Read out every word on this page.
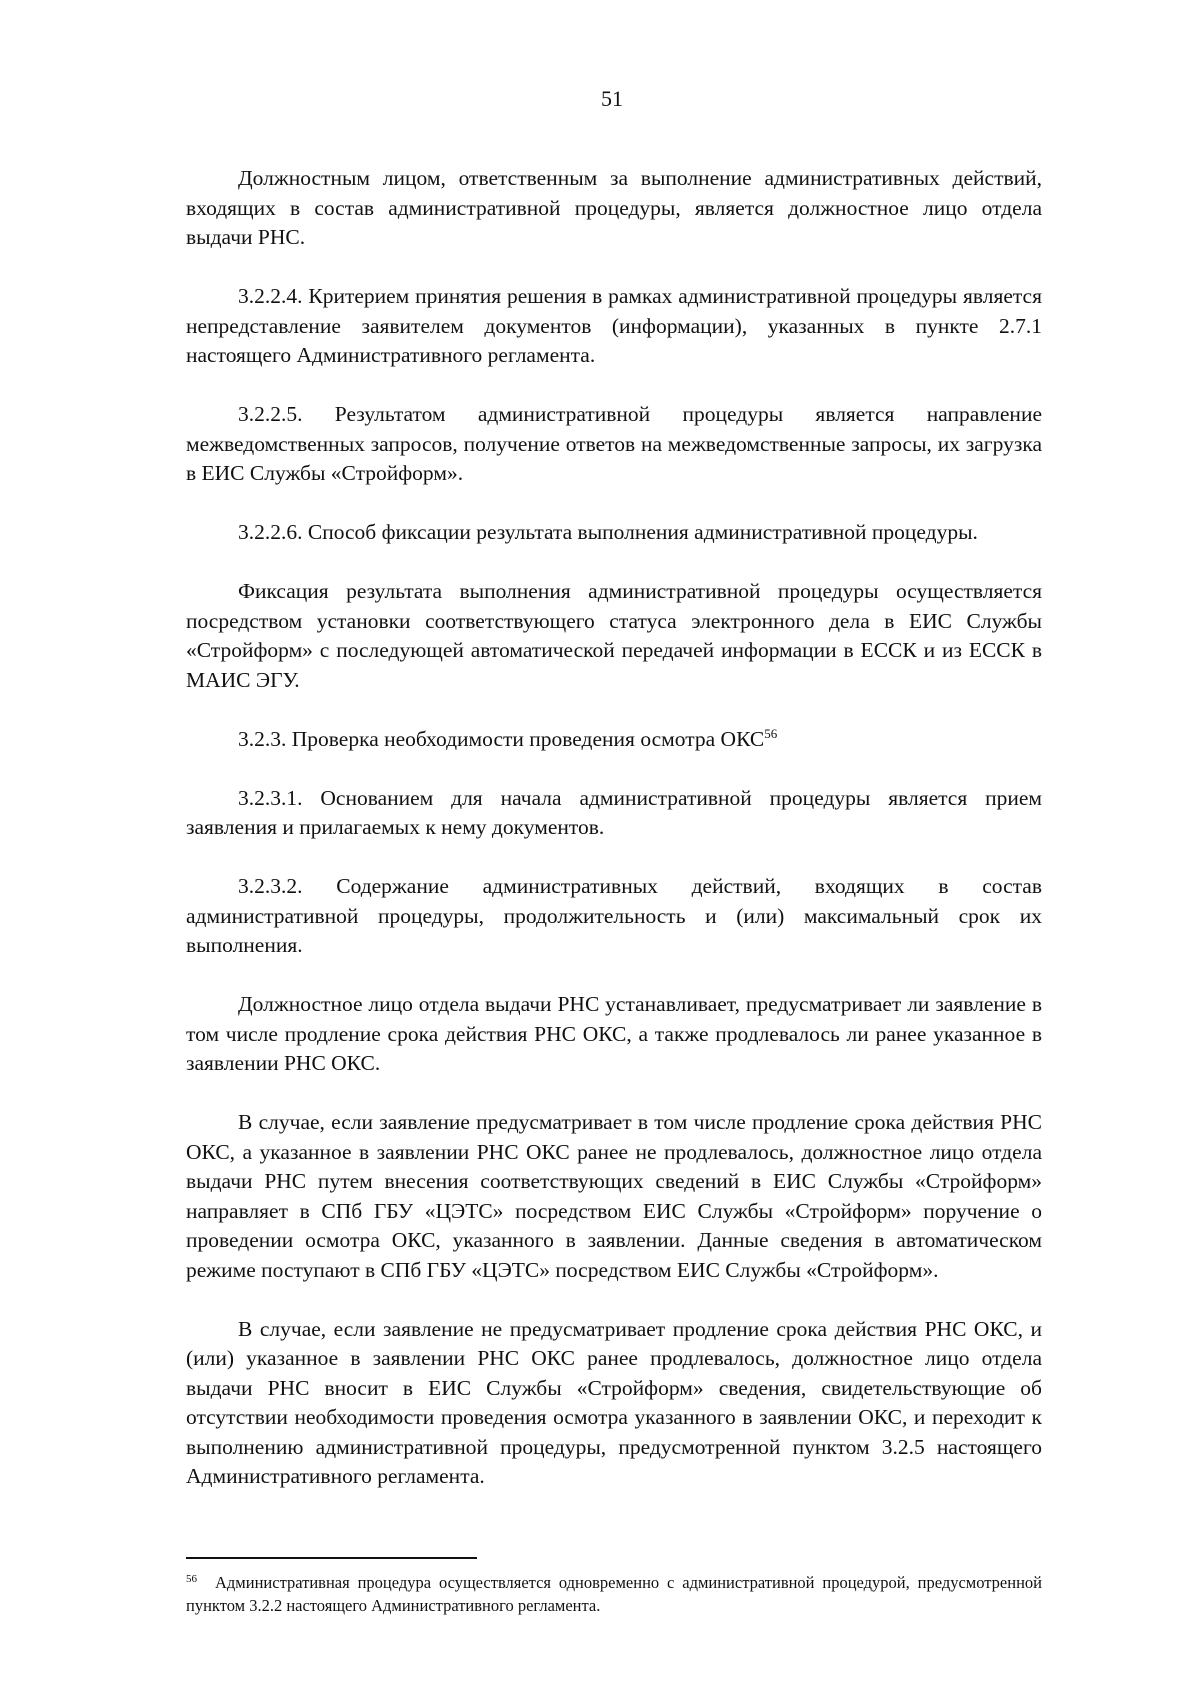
51

Должностным лицом, ответственным за выполнение административных действий, входящих в состав административной процедуры, является должностное лицо отдела выдачи РНС.

3.2.2.4. Критерием принятия решения в рамках административной процедуры является непредставление заявителем документов (информации), указанных в пункте 2.7.1 настоящего Административного регламента.

3.2.2.5. Результатом административной процедуры является направление межведомственных запросов, получение ответов на межведомственные запросы, их загрузка в ЕИС Службы «Стройформ».

3.2.2.6. Способ фиксации результата выполнения административной процедуры.

Фиксация результата выполнения административной процедуры осуществляется посредством установки соответствующего статуса электронного дела в ЕИС Службы «Стройформ» с последующей автоматической передачей информации в ЕССК и из ЕССК в МАИС ЭГУ.

3.2.3. Проверка необходимости проведения осмотра ОКС$^{56}$

3.2.3.1. Основанием для начала административной процедуры является прием заявления и прилагаемых к нему документов.

3.2.3.2. Содержание административных действий, входящих в состав административной процедуры, продолжительность и (или) максимальный срок их выполнения.

Должностное лицо отдела выдачи РНС устанавливает, предусматривает ли заявление в том числе продление срока действия РНС ОКС, а также продлевалось ли ранее указанное в заявлении РНС ОКС.

В случае, если заявление предусматривает в том числе продление срока действия РНС ОКС, а указанное в заявлении РНС ОКС ранее не продлевалось, должностное лицо отдела выдачи РНС путем внесения соответствующих сведений в ЕИС Службы «Стройформ» направляет в СПб ГБУ «ЦЭТС» посредством ЕИС Службы «Стройформ» поручение о проведении осмотра ОКС, указанного в заявлении. Данные сведения в автоматическом режиме поступают в СПб ГБУ «ЦЭТС» посредством ЕИС Службы «Стройформ».

В случае, если заявление не предусматривает продление срока действия РНС ОКС, и (или) указанное в заявлении РНС ОКС ранее продлевалось, должностное лицо отдела выдачи РНС вносит в ЕИС Службы «Стройформ» сведения, свидетельствующие об отсутствии необходимости проведения осмотра указанного в заявлении ОКС, и переходит к выполнению административной процедуры, предусмотренной пунктом 3.2.5 настоящего Административного регламента.

$^{56}$ Административная процедура осуществляется одновременно с административной процедурой, предусмотренной пунктом 3.2.2 настоящего Административного регламента.
